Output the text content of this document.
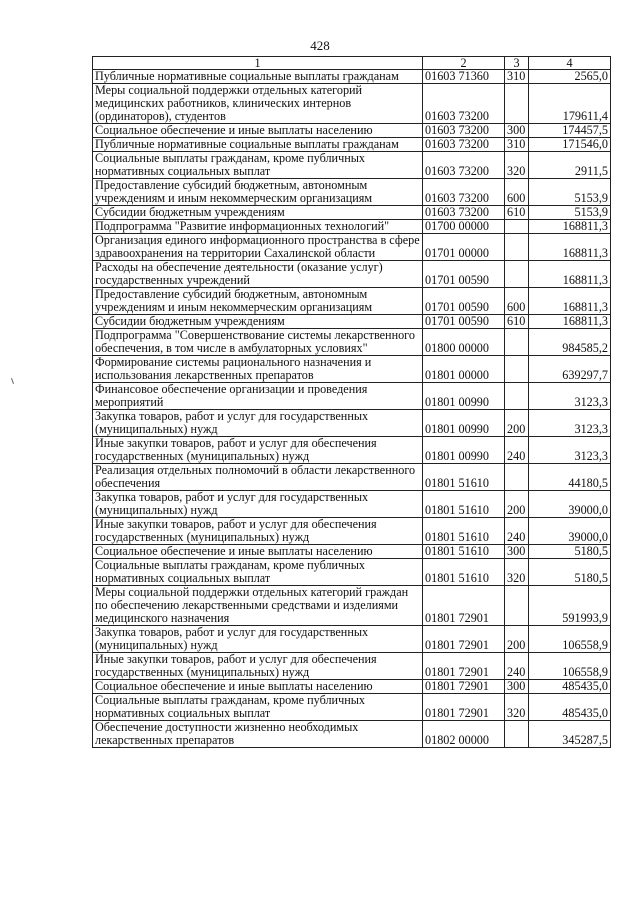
428
1	2	3	4
Публичные нормативные социальные выплаты гражданам	01603 71360	310	2565,0
Меры социальной поддержки отдельных категорий медицинских работников, клинических интернов (ординаторов), студентов	01603 73200		179611,4
Социальное обеспечение и иные выплаты населению	01603 73200	300	174457,5
Публичные нормативные социальные выплаты гражданам	01603 73200	310	171546,0
Социальные выплаты гражданам, кроме публичных нормативных социальных выплат	01603 73200	320	2911,5
Предоставление субсидий бюджетным, автономным учреждениям и иным некоммерческим организациям	01603 73200	600	5153,9
Субсидии бюджетным учреждениям	01603 73200	610	5153,9
Подпрограмма "Развитие информационных технологий"	01700 00000		168811,3
Организация единого информационного пространства в сфере здравоохранения на территории Сахалинской области	01701 00000		168811,3
Расходы на обеспечение деятельности (оказание услуг) государственных учреждений	01701 00590		168811,3
Предоставление субсидий бюджетным, автономным учреждениям и иным некоммерческим организациям	01701 00590	600	168811,3
Субсидии бюджетным учреждениям	01701 00590	610	168811,3
Подпрограмма "Совершенствование системы лекарственного обеспечения, в том числе в амбулаторных условиях"	01800 00000		984585,2
Формирование системы рационального назначения и использования лекарственных препаратов	01801 00000		639297,7
Финансовое обеспечение организации и проведения мероприятий	01801 00990		3123,3
Закупка товаров, работ и услуг для государственных (муниципальных) нужд	01801 00990	200	3123,3
Иные закупки товаров, работ и услуг для обеспечения государственных (муниципальных) нужд	01801 00990	240	3123,3
Реализация отдельных полномочий в области лекарственного обеспечения	01801 51610		44180,5
Закупка товаров, работ и услуг для государственных (муниципальных) нужд	01801 51610	200	39000,0
Иные закупки товаров, работ и услуг для обеспечения государственных (муниципальных) нужд	01801 51610	240	39000,0
Социальное обеспечение и иные выплаты населению	01801 51610	300	5180,5
Социальные выплаты гражданам, кроме публичных нормативных социальных выплат	01801 51610	320	5180,5
Меры социальной поддержки отдельных категорий граждан по обеспечению лекарственными средствами и изделиями медицинского назначения	01801 72901		591993,9
Закупка товаров, работ и услуг для государственных (муниципальных) нужд	01801 72901	200	106558,9
Иные закупки товаров, работ и услуг для обеспечения государственных (муниципальных) нужд	01801 72901	240	106558,9
Социальное обеспечение и иные выплаты населению	01801 72901	300	485435,0
Социальные выплаты гражданам, кроме публичных нормативных социальных выплат	01801 72901	320	485435,0
Обеспечение доступности жизненно необходимых лекарственных препаратов	01802 00000		345287,5
